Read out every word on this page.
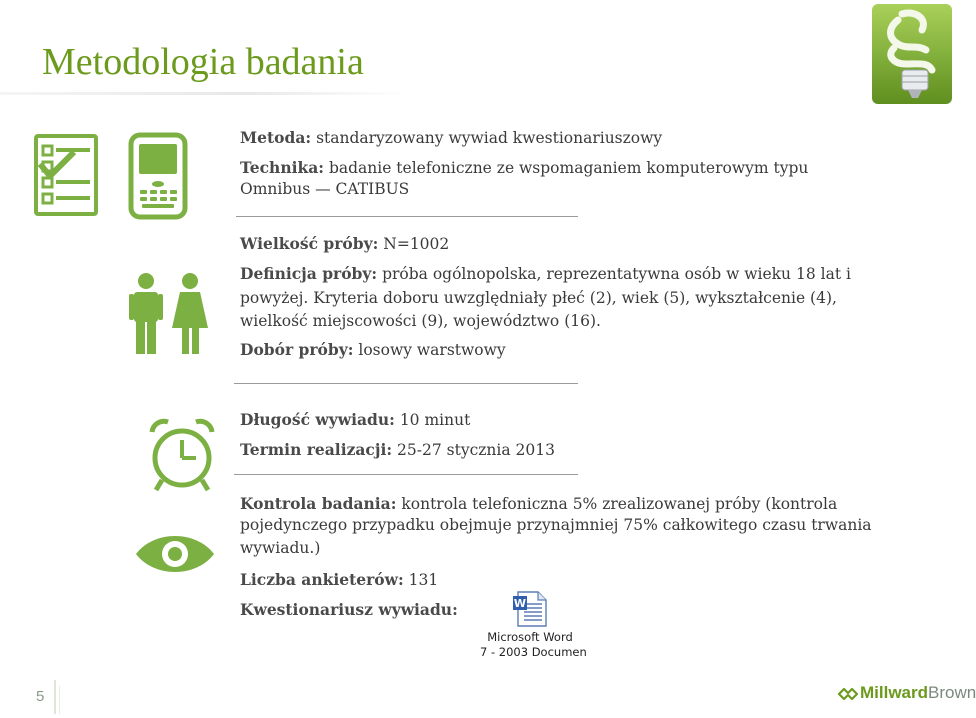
Metodologia badania
Metoda: standaryzowany wywiad kwestionariuszowy
Technika: badanie telefoniczne ze wspomaganiem komputerowym typu
Omnibus — CATIBUS
Wielkość próby: N=1002
Definicja próby: próba ogólnopolska, reprezentatywna osób w wieku 18 lat i
powyżej. Kryteria doboru uwzględniały płeć (2), wiek (5), wykształcenie (4),
wielkość miejscowości (9), województwo (16).
Dobór próby: losowy warstwowy
Długość wywiadu: 10 minut
Termin realizacji: 25-27 stycznia 2013
Kontrola badania: kontrola telefoniczna 5% zrealizowanej próby (kontrola
pojedynczego przypadku obejmuje przynajmniej 75% całkowitego czasu trwania
wywiadu.)
Liczba ankieterów: 131
Kwestionariusz wywiadu:	W
Microsoft Word
7 - 2003 Documen
5	MillwardBrown
